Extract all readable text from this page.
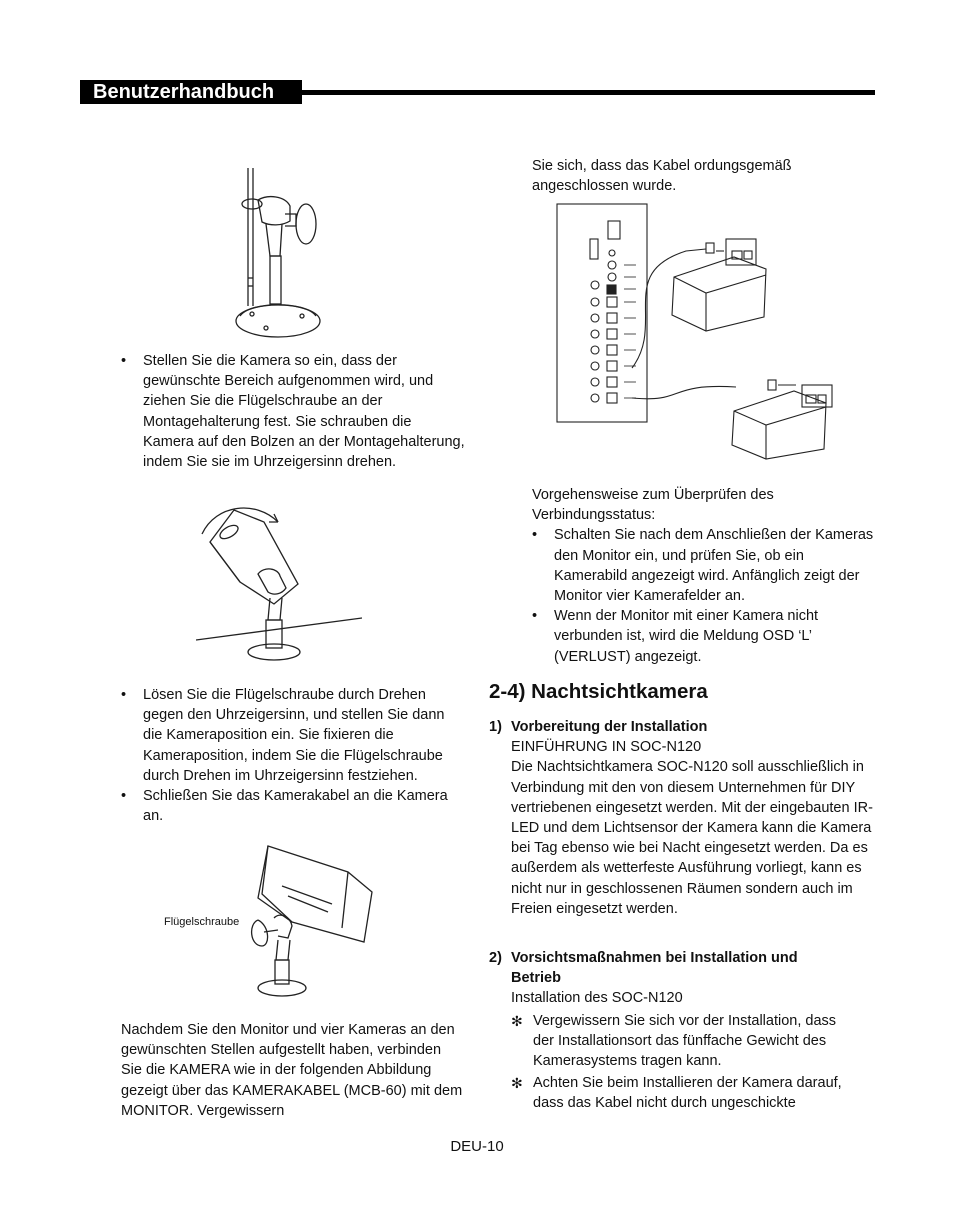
Benutzerhandbuch
• Stellen Sie die Kamera so ein, dass der gewünschte Bereich aufgenommen wird, und ziehen Sie die Flügelschraube an der Montagehalterung fest. Sie schrauben die Kamera auf den Bolzen an der Montagehalterung, indem Sie sie im Uhrzeigersinn drehen.
• Lösen Sie die Flügelschraube durch Drehen gegen den Uhrzeigersinn, und stellen Sie dann die Kameraposition ein. Sie fixieren die Kameraposition, indem Sie die Flügelschraube durch Drehen im Uhrzeigersinn festziehen.
• Schließen Sie das Kamerakabel an die Kamera an.
Flügelschraube

Nachdem Sie den Monitor und vier Kameras an den gewünschten Stellen aufgestellt haben, verbinden Sie die KAMERA wie in der folgenden Abbildung gezeigt über das KAMERAKABEL (MCB-60) mit dem MONITOR. Vergewissern

Sie sich, dass das Kabel ordungsgemäß angeschlossen wurde.

Vorgehensweise zum Überprüfen des Verbindungsstatus:

• Schalten Sie nach dem Anschließen der Kameras den Monitor ein, und prüfen Sie, ob ein Kamerabild angezeigt wird. Anfänglich zeigt der Monitor vier Kamerafelder an.
• Wenn der Monitor mit einer Kamera nicht verbunden ist, wird die Meldung OSD ‘L’ (VERLUST) angezeigt.
2-4) Nachtsichtkamera
1) Vorbereitung der Installation

EINFÜHRUNG IN SOC-N120

Die Nachtsichtkamera SOC-N120 soll ausschließlich in Verbindung mit den von diesem Unternehmen für DIY vertriebenen eingesetzt werden. Mit der eingebauten IR-LED und dem Lichtsensor der Kamera kann die Kamera bei Tag ebenso wie bei Nacht eingesetzt werden. Da es außerdem als wetterfeste Ausführung vorliegt, kann es nicht nur in geschlossenen Räumen sondern auch im Freien eingesetzt werden.

2) Vorsichtsmaßnahmen bei Installation und Betrieb

Installation des SOC-N120

✻ Vergewissern Sie sich vor der Installation, dass der Installationsort das fünffache Gewicht des Kamerasystems tragen kann.
✻ Achten Sie beim Installieren der Kamera darauf, dass das Kabel nicht durch ungeschickte
DEU-10
